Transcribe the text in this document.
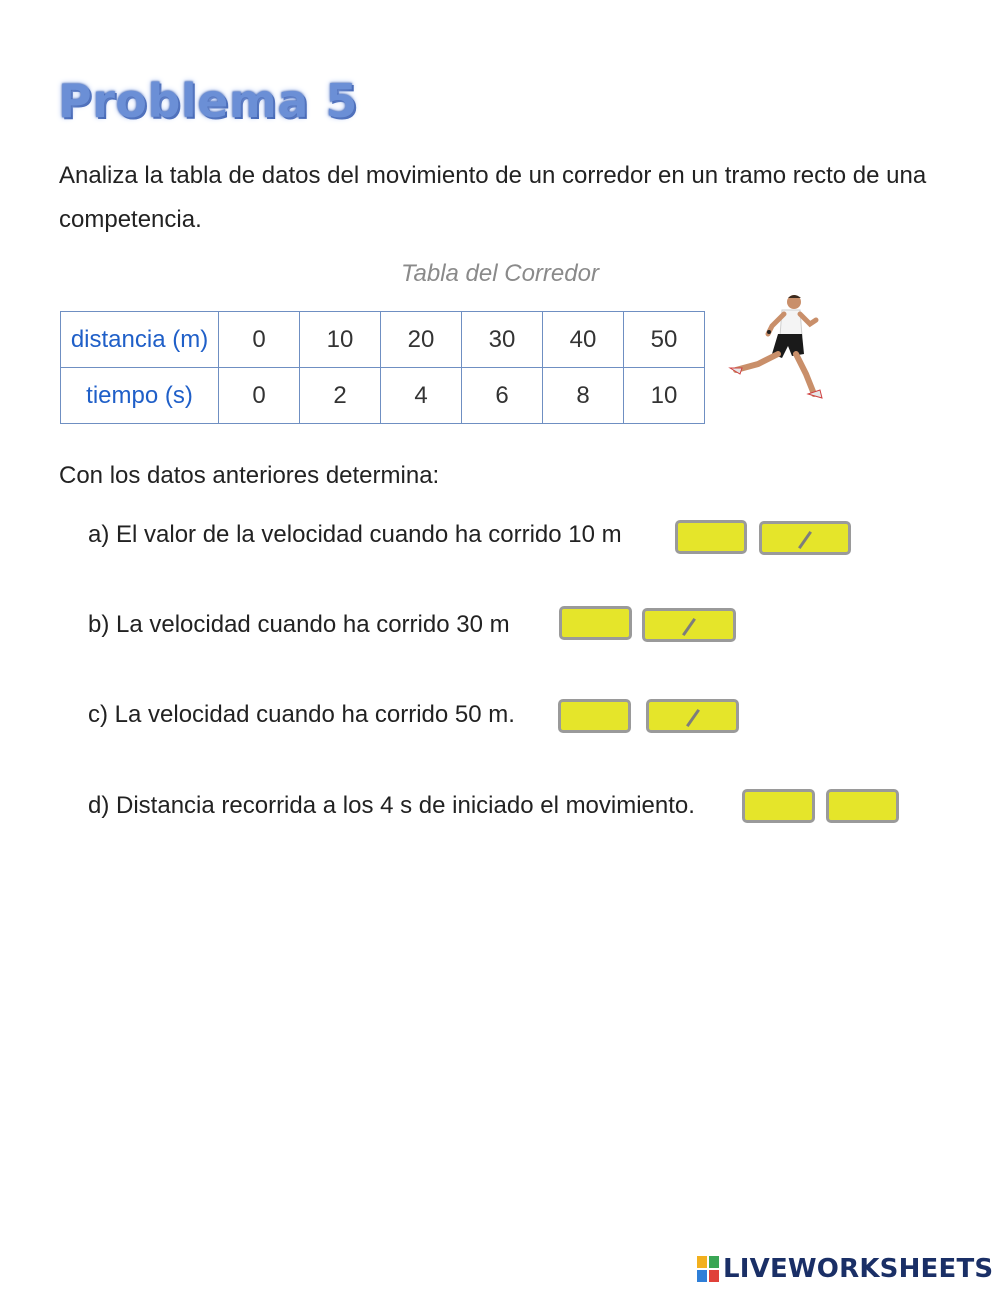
Problema 5
Analiza la tabla de datos del movimiento de un corredor en un tramo recto de una competencia.
Tabla del Corredor
distancia (m)	0	10	20	30	40	50
tiempo (s)	0	2	4	6	8	10
Con los datos anteriores determina:
a) El valor de la velocidad cuando ha corrido 10 m
b) La velocidad cuando ha corrido 30 m
c) La velocidad cuando ha corrido 50 m.
d) Distancia recorrida a los 4 s de iniciado el movimiento.
LIVEWORKSHEETS
